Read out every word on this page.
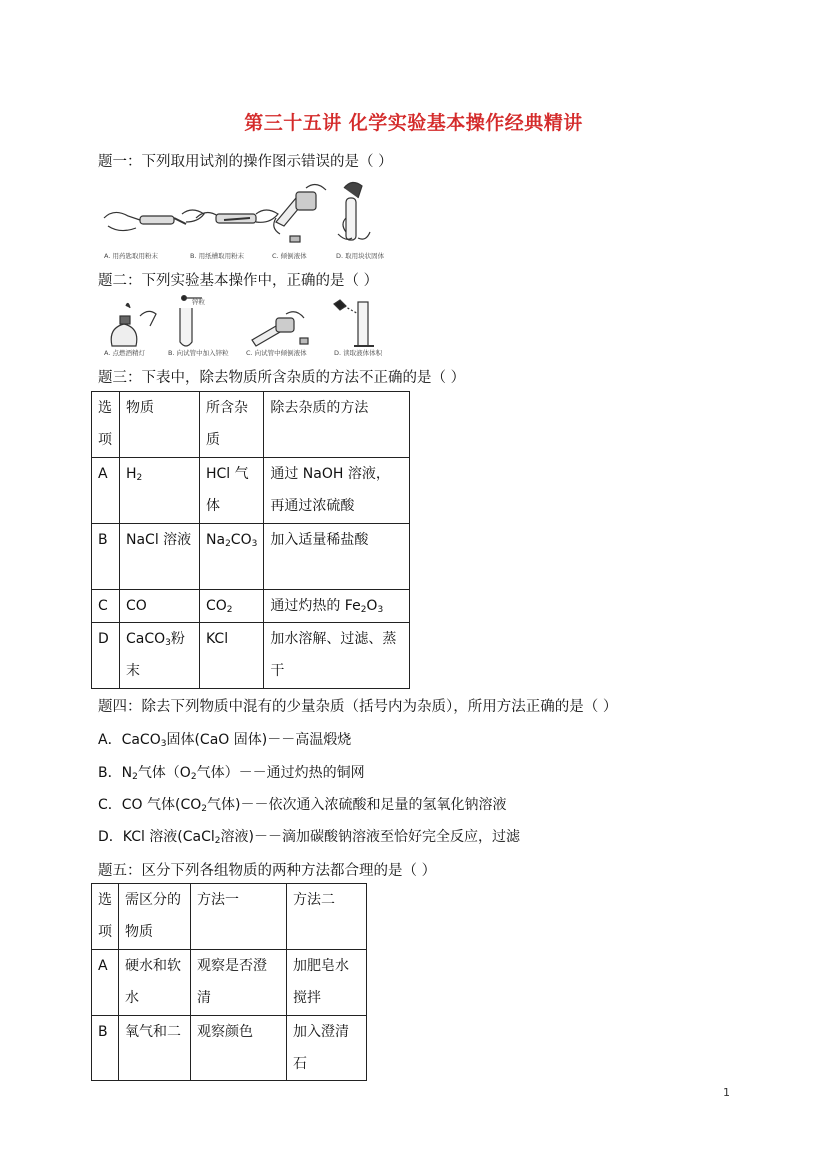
第三十五讲 化学实验基本操作经典精讲
题一：下列取用试剂的操作图示错误的是（ ）
A. 用药匙取用粉末	B. 用纸槽取用粉末	C. 倾倒液体	D. 取用块状固体
题二：下列实验基本操作中，正确的是（ ）
锌粒
A. 点燃酒精灯	B. 向试管中加入锌粒	C. 向试管中倾倒液体	D. 读取液体体积
题三：下表中，除去物质所含杂质的方法不正确的是（ ）
选项	物质	所含杂质	除去杂质的方法
A	$H_2$	HCl 气体	通过 NaOH 溶液，再通过浓硫酸
B	NaCl 溶液	$Na_2CO_3$	加入适量稀盐酸
C	CO	$CO_2$	通过灼热的 $Fe_2O_3$
D	CaCO$_3$粉末	KCl	加水溶解、过滤、蒸干
题四：除去下列物质中混有的少量杂质（括号内为杂质），所用方法正确的是（ ）
A．CaCO$_3$固体(CaO 固体)－－高温煅烧
B．$N_2$气体（$O_2$气体）－－通过灼热的铜网
C．CO 气体($CO_2$气体)－－依次通入浓硫酸和足量的氢氧化钠溶液
D．KCl 溶液(CaCl$_2$溶液)－－滴加碳酸钠溶液至恰好完全反应，过滤
题五：区分下列各组物质的两种方法都合理的是（ ）
选项	需区分的物质	方法一	方法二
A	硬水和软水	观察是否澄清	加肥皂水搅拌
B	氧气和二	观察颜色	加入澄清石
1
